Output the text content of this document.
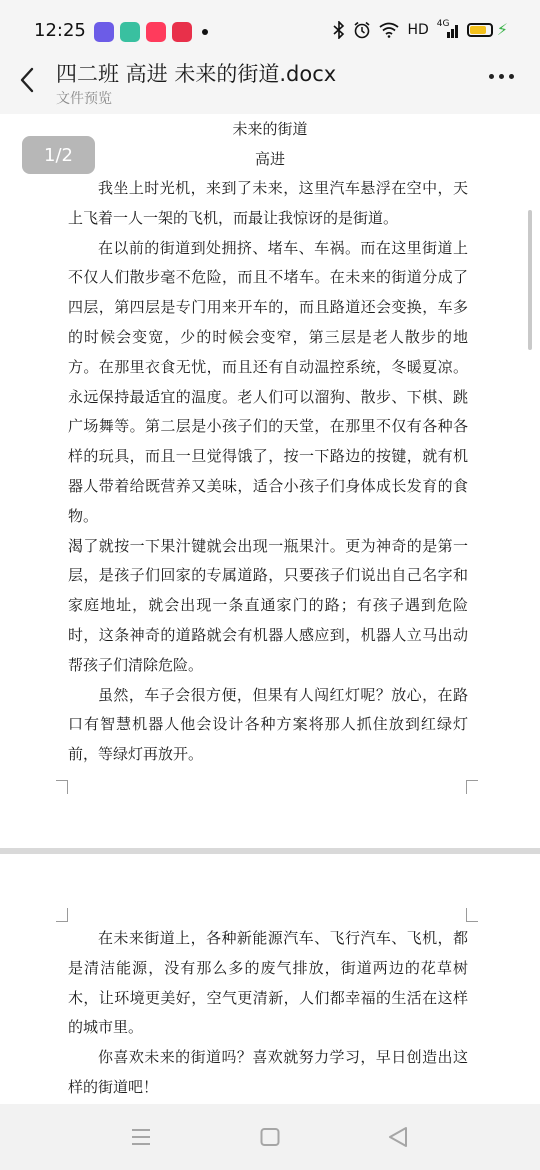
12:25	HD 4G	⚡
四二班 高进 未来的街道.docx
文件预览
1/2
未来的街道
高进

我坐上时光机，来到了未来，这里汽车悬浮在空中，天上飞着一人一架的飞机，而最让我惊讶的是街道。

在以前的街道到处拥挤、堵车、车祸。而在这里街道上不仅人们散步毫不危险，而且不堵车。在未来的街道分成了四层，第四层是专门用来开车的，而且路道还会变换，车多的时候会变宽，少的时候会变窄，第三层是老人散步的地方。在那里衣食无忧，而且还有自动温控系统，冬暖夏凉。永远保持最适宜的温度。老人们可以溜狗、散步、下棋、跳广场舞等。第二层是小孩子们的天堂，在那里不仅有各种各样的玩具，而且一旦觉得饿了，按一下路边的按键，就有机器人带着给既营养又美味，适合小孩子们身体成长发育的食物。

渴了就按一下果汁键就会出现一瓶果汁。更为神奇的是第一层，是孩子们回家的专属道路，只要孩子们说出自己名字和家庭地址，就会出现一条直通家门的路；有孩子遇到危险时，这条神奇的道路就会有机器人感应到，机器人立马出动帮孩子们清除危险。

虽然，车子会很方便，但果有人闯红灯呢？放心，在路口有智慧机器人他会设计各种方案将那人抓住放到红绿灯前，等绿灯再放开。

在未来街道上，各种新能源汽车、飞行汽车、飞机，都是清洁能源，没有那么多的废气排放，街道两边的花草树木，让环境更美好，空气更清新，人们都幸福的生活在这样的城市里。

你喜欢未来的街道吗？喜欢就努力学习，早日创造出这样的街道吧！
